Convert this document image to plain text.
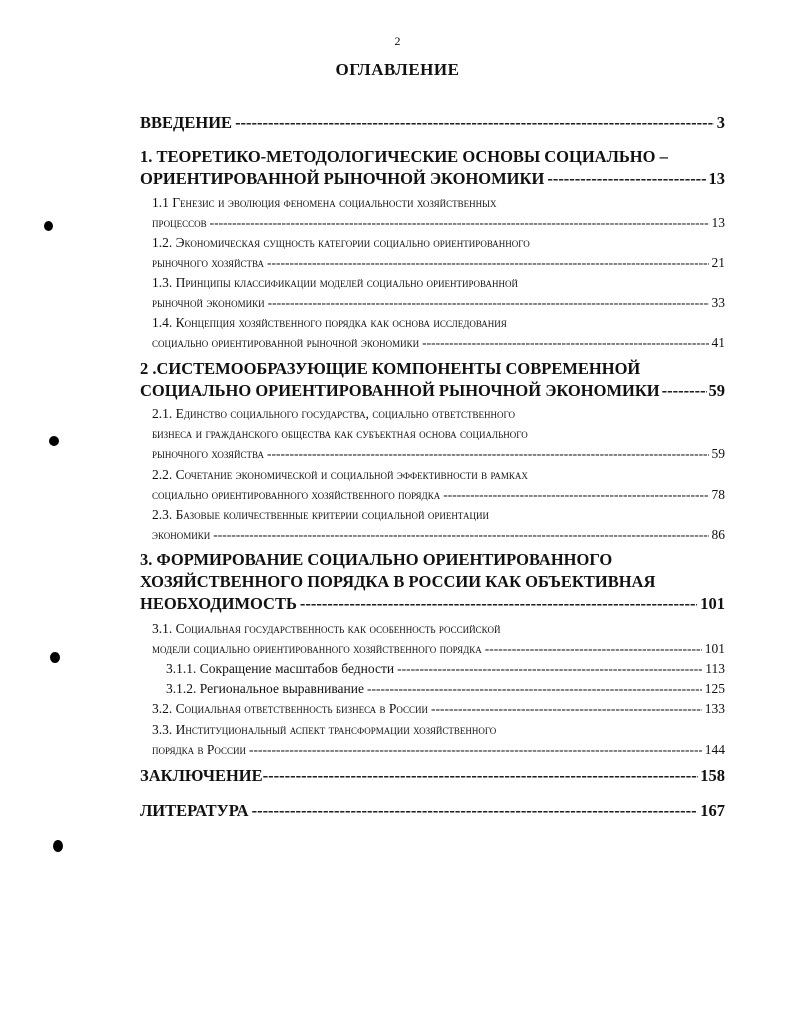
2
ОГЛАВЛЕНИЕ
ВВЕДЕНИЕ -----	3
1. ТЕОРЕТИКО-МЕТОДОЛОГИЧЕСКИЕ ОСНОВЫ СОЦИАЛЬНО –
ОРИЕНТИРОВАННОЙ РЫНОЧНОЙ ЭКОНОМИКИ -----	13
1.1 Генезис и эволюция феномена социальности хозяйственных
процессов -----	13
1.2. Экономическая сущность категории социально ориентированного
рыночного хозяйства -----	21
1.3. Принципы классификации моделей социально ориентированной
рыночной экономики -----	33
1.4. Концепция хозяйственного порядка как основа исследования
социально ориентированной рыночной экономики -----	41
2 .СИСТЕМООБРАЗУЮЩИЕ КОМПОНЕНТЫ СОВРЕМЕННОЙ
СОЦИАЛЬНО ОРИЕНТИРОВАННОЙ РЫНОЧНОЙ ЭКОНОМИКИ -----	59
2.1. Единство социального государства, социально ответственного
бизнеса и гражданского общества как субъектная основа социального
рыночного хозяйства -----	59
2.2. Сочетание экономической и социальной эффективности в рамках
социально ориентированного хозяйственного порядка -----	78
2.3. Базовые количественные критерии социальной ориентации
экономики -----	86
3. ФОРМИРОВАНИЕ СОЦИАЛЬНО ОРИЕНТИРОВАННОГО
ХОЗЯЙСТВЕННОГО ПОРЯДКА В РОССИИ КАК ОБЪЕКТИВНАЯ
НЕОБХОДИМОСТЬ -----	101
3.1. Социальная государственность как особенность российской
модели социально ориентированного хозяйственного порядка -----	101
3.1.1. Сокращение масштабов бедности -----	113
3.1.2. Региональное выравнивание -----	125
3.2. Социальная ответственность бизнеса в России -----	133
3.3. Институциональный аспект трансформации хозяйственного
порядка в России -----	144
ЗАКЛЮЧЕНИЕ -----	158
ЛИТЕРАТУРА -----	167
